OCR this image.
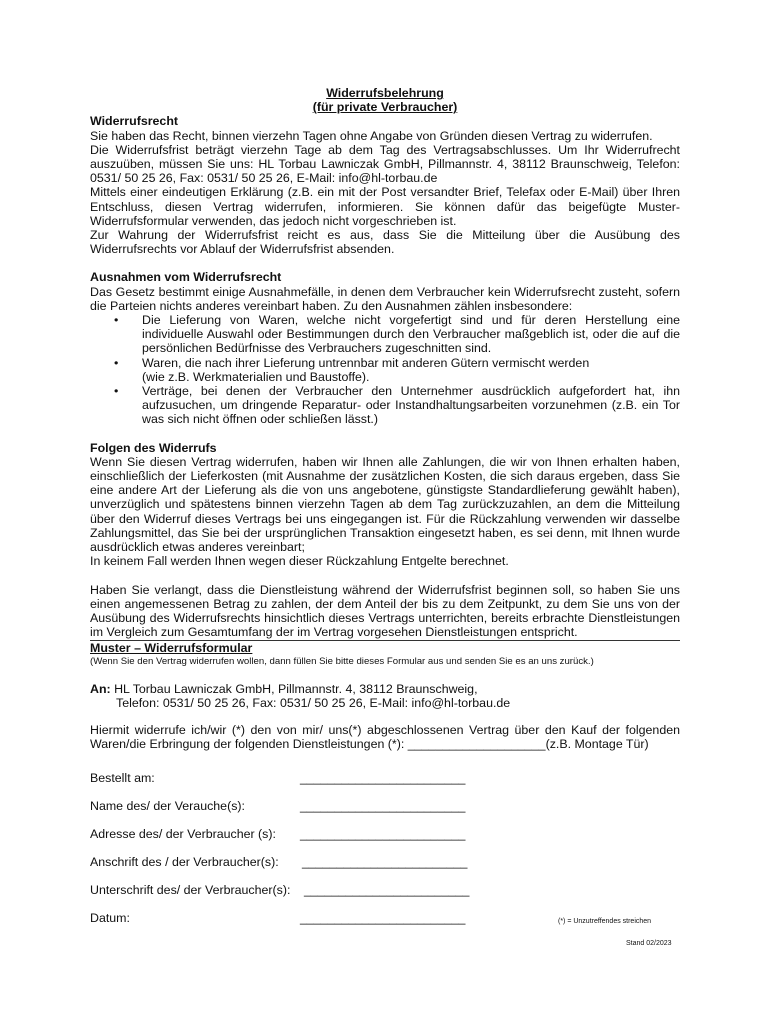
Widerrufsbelehrung
(für private Verbraucher)
Widerrufsrecht

Sie haben das Recht, binnen vierzehn Tagen ohne Angabe von Gründen diesen Vertrag zu widerrufen.

Die Widerrufsfrist beträgt vierzehn Tage ab dem Tag des Vertragsabschlusses. Um Ihr Widerrufrecht auszuüben, müssen Sie uns: HL Torbau Lawniczak GmbH, Pillmannstr. 4, 38112 Braunschweig, Telefon: 0531/ 50 25 26, Fax: 0531/ 50 25 26, E-Mail: info@hl-torbau.de

Mittels einer eindeutigen Erklärung (z.B. ein mit der Post versandter Brief, Telefax oder E-Mail) über Ihren Entschluss, diesen Vertrag widerrufen, informieren. Sie können dafür das beigefügte Muster-Widerrufsformular verwenden, das jedoch nicht vorgeschrieben ist.

Zur Wahrung der Widerrufsfrist reicht es aus, dass Sie die Mitteilung über die Ausübung des Widerrufsrechts vor Ablauf der Widerrufsfrist absenden.

Ausnahmen vom Widerrufsrecht

Das Gesetz bestimmt einige Ausnahmefälle, in denen dem Verbraucher kein Widerrufsrecht zusteht, sofern die Parteien nichts anderes vereinbart haben. Zu den Ausnahmen zählen insbesondere:

• Die Lieferung von Waren, welche nicht vorgefertigt sind und für deren Herstellung eine individuelle Auswahl oder Bestimmungen durch den Verbraucher maßgeblich ist, oder die auf die persönlichen Bedürfnisse des Verbrauchers zugeschnitten sind.
• Waren, die nach ihrer Lieferung untrennbar mit anderen Gütern vermischt werden
(wie z.B. Werkmaterialien und Baustoffe).
• Verträge, bei denen der Verbraucher den Unternehmer ausdrücklich aufgefordert hat, ihn aufzusuchen, um dringende Reparatur- oder Instandhaltungsarbeiten vorzunehmen (z.B. ein Tor was sich nicht öffnen oder schließen lässt.)
Folgen des Widerrufs

Wenn Sie diesen Vertrag widerrufen, haben wir Ihnen alle Zahlungen, die wir von Ihnen erhalten haben, einschließlich der Lieferkosten (mit Ausnahme der zusätzlichen Kosten, die sich daraus ergeben, dass Sie eine andere Art der Lieferung als die von uns angebotene, günstigste Standardlieferung gewählt haben), unverzüglich und spätestens binnen vierzehn Tagen ab dem Tag zurückzuzahlen, an dem die Mitteilung über den Widerruf dieses Vertrags bei uns eingegangen ist. Für die Rückzahlung verwenden wir dasselbe Zahlungsmittel, das Sie bei der ursprünglichen Transaktion eingesetzt haben, es sei denn, mit Ihnen wurde ausdrücklich etwas anderes vereinbart;

In keinem Fall werden Ihnen wegen dieser Rückzahlung Entgelte berechnet.

Haben Sie verlangt, dass die Dienstleistung während der Widerrufsfrist beginnen soll, so haben Sie uns einen angemessenen Betrag zu zahlen, der dem Anteil der bis zu dem Zeitpunkt, zu dem Sie uns von der Ausübung des Widerrufsrechts hinsichtlich dieses Vertrags unterrichten, bereits erbrachte Dienstleistungen im Vergleich zum Gesamtumfang der im Vertrag vorgesehen Dienstleistungen entspricht.

Muster – Widerrufsformular
(Wenn Sie den Vertrag widerrufen wollen, dann füllen Sie bitte dieses Formular aus und senden Sie es an uns zurück.)
An: HL Torbau Lawniczak GmbH, Pillmannstr. 4, 38112 Braunschweig,
Telefon: 0531/ 50 25 26, Fax: 0531/ 50 25 26, E-Mail: info@hl-torbau.de

Hiermit widerrufe ich/wir (*) den von mir/ uns(*) abgeschlossenen Vertrag über den Kauf der folgenden Waren/die Erbringung der folgenden Dienstleistungen (*): ____________________(z.B. Montage Tür)

Bestellt am:	________________________
Name des/ der Verauche(s):	________________________
Adresse des/ der Verbraucher (s): ________________________
Anschrift des / der Verbraucher(s): ________________________
Unterschrift des/ der Verbraucher(s): ________________________
Datum:	________________________	(*) = Unzutreffendes streichen
Stand 02/2023
